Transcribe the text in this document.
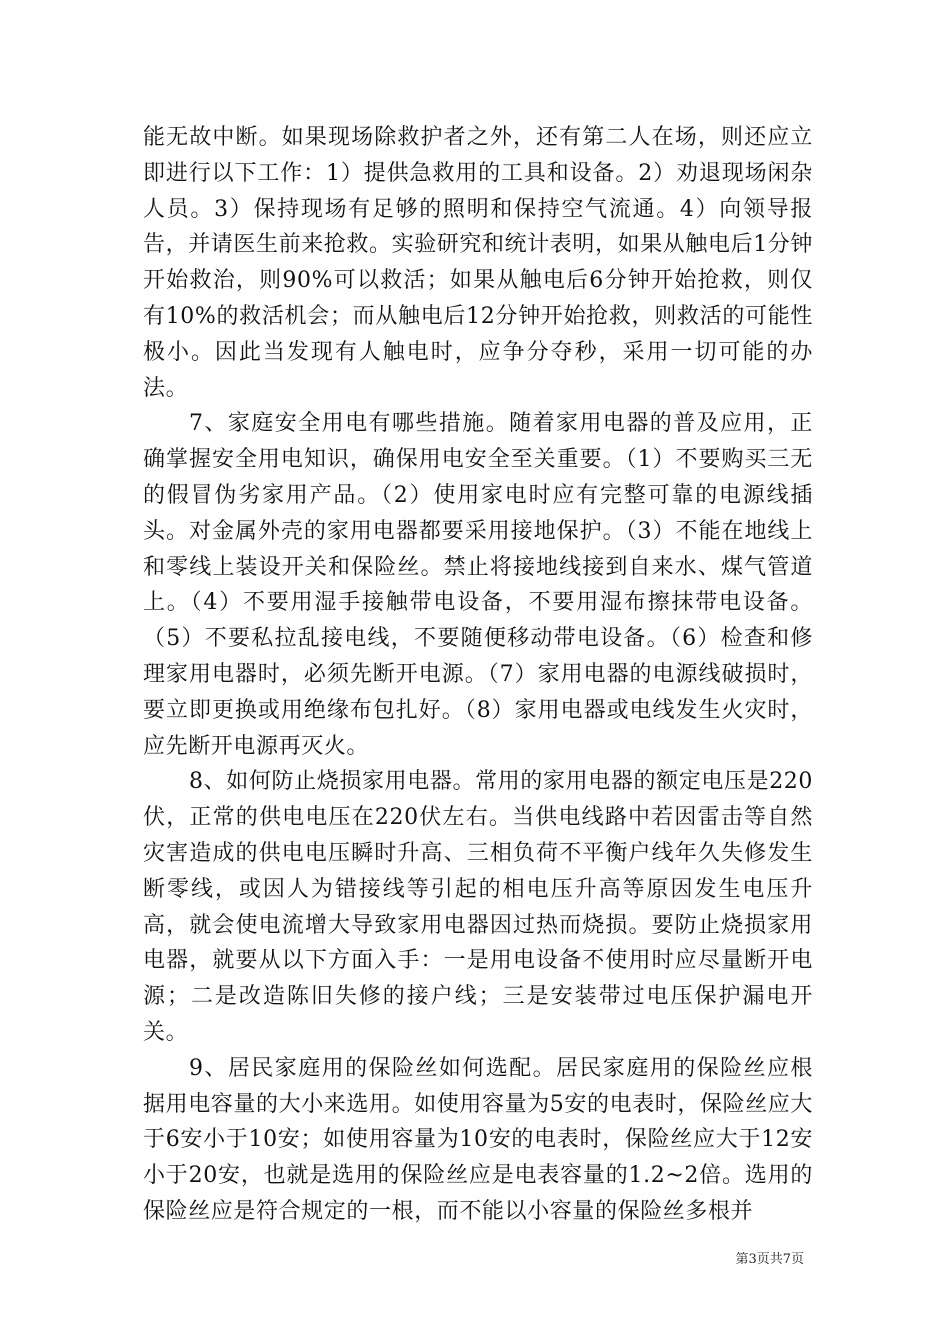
能无故中断。如果现场除救护者之外，还有第二人在场，则还应立即进行以下工作：1）提供急救用的工具和设备。2）劝退现场闲杂人员。3）保持现场有足够的照明和保持空气流通。4）向领导报告，并请医生前来抢救。实验研究和统计表明，如果从触电后1分钟开始救治，则90%可以救活；如果从触电后6分钟开始抢救，则仅有10%的救活机会；而从触电后12分钟开始抢救，则救活的可能性极小。因此当发现有人触电时，应争分夺秒，采用一切可能的办法。

7、家庭安全用电有哪些措施。随着家用电器的普及应用，正确掌握安全用电知识，确保用电安全至关重要。（1）不要购买三无的假冒伪劣家用产品。（2）使用家电时应有完整可靠的电源线插头。对金属外壳的家用电器都要采用接地保护。（3）不能在地线上和零线上装设开关和保险丝。禁止将接地线接到自来水、煤气管道上。（4）不要用湿手接触带电设备，不要用湿布擦抹带电设备。（5）不要私拉乱接电线，不要随便移动带电设备。（6）检查和修理家用电器时，必须先断开电源。（7）家用电器的电源线破损时，要立即更换或用绝缘布包扎好。（8）家用电器或电线发生火灾时，应先断开电源再灭火。

8、如何防止烧损家用电器。常用的家用电器的额定电压是220伏，正常的供电电压在220伏左右。当供电线路中若因雷击等自然灾害造成的供电电压瞬时升高、三相负荷不平衡户线年久失修发生断零线，或因人为错接线等引起的相电压升高等原因发生电压升高，就会使电流增大导致家用电器因过热而烧损。要防止烧损家用电器，就要从以下方面入手：一是用电设备不使用时应尽量断开电源；二是改造陈旧失修的接户线；三是安装带过电压保护漏电开关。

9、居民家庭用的保险丝如何选配。居民家庭用的保险丝应根据用电容量的大小来选用。如使用容量为5安的电表时，保险丝应大于6安小于10安；如使用容量为10安的电表时，保险丝应大于12安小于20安，也就是选用的保险丝应是电表容量的1.2~2倍。选用的保险丝应是符合规定的一根，而不能以小容量的保险丝多根并

第3页共7页
